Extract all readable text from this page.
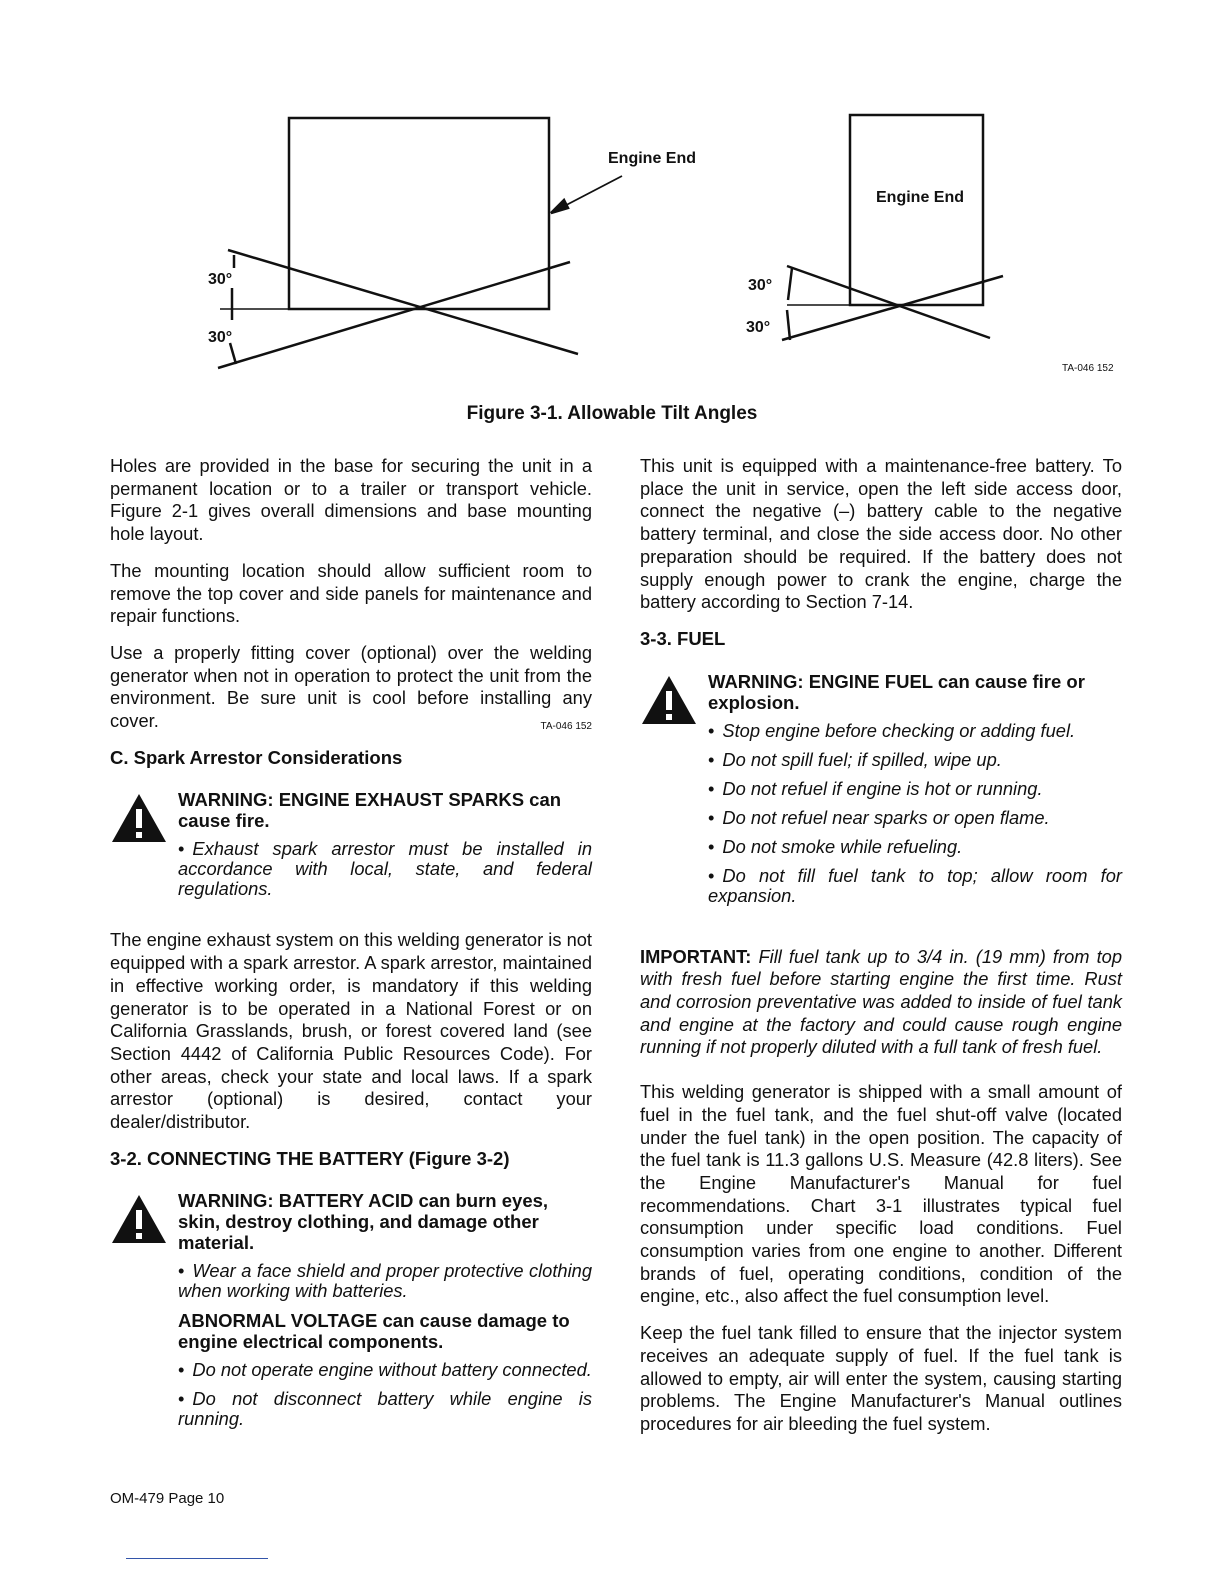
30°
30°
Engine End
Engine End
30°
30°
TA-046 152
Figure 3-1. Allowable Tilt Angles

Holes are provided in the base for securing the unit in a permanent location or to a trailer or transport vehicle. Figure 2-1 gives overall dimensions and base mounting hole layout.

The mounting location should allow sufficient room to remove the top cover and side panels for maintenance and repair functions.

Use a properly fitting cover (optional) over the welding generator when not in operation to protect the unit from the environment. Be sure unit is cool before installing any cover.	TA-046 152

C. Spark Arrestor Considerations
WARNING: ENGINE EXHAUST SPARKS can cause fire.
• Exhaust spark arrestor must be installed in accordance with local, state, and federal regulations.

The engine exhaust system on this welding generator is not equipped with a spark arrestor. A spark arrestor, maintained in effective working order, is mandatory if this welding generator is to be operated in a National Forest or on California Grasslands, brush, or forest covered land (see Section 4442 of California Public Resources Code). For other areas, check your state and local laws. If a spark arrestor (optional) is desired, contact your dealer/distributor.

3-2. CONNECTING THE BATTERY (Figure 3-2)
WARNING: BATTERY ACID can burn eyes, skin, destroy clothing, and damage other material.
• Wear a face shield and proper protective clothing when working with batteries.
ABNORMAL VOLTAGE can cause damage to engine electrical components.
• Do not operate engine without battery connected.
• Do not disconnect battery while engine is running.

This unit is equipped with a maintenance-free battery. To place the unit in service, open the left side access door, connect the negative (–) battery cable to the negative battery terminal, and close the side access door. No other preparation should be required. If the battery does not supply enough power to crank the engine, charge the battery according to Section 7-14.

3-3. FUEL
WARNING: ENGINE FUEL can cause fire or explosion.
• Stop engine before checking or adding fuel.
• Do not spill fuel; if spilled, wipe up.
• Do not refuel if engine is hot or running.
• Do not refuel near sparks or open flame.
• Do not smoke while refueling.
• Do not fill fuel tank to top; allow room for expansion.

IMPORTANT: Fill fuel tank up to 3/4 in. (19 mm) from top with fresh fuel before starting engine the first time. Rust and corrosion preventative was added to inside of fuel tank and engine at the factory and could cause rough engine running if not properly diluted with a full tank of fresh fuel.

This welding generator is shipped with a small amount of fuel in the fuel tank, and the fuel shut-off valve (located under the fuel tank) in the open position. The capacity of the fuel tank is 11.3 gallons U.S. Measure (42.8 liters). See the Engine Manufacturer's Manual for fuel recommendations. Chart 3-1 illustrates typical fuel consumption under specific load conditions. Fuel consumption varies from one engine to another. Different brands of fuel, operating conditions, condition of the engine, etc., also affect the fuel consumption level.

Keep the fuel tank filled to ensure that the injector system receives an adequate supply of fuel. If the fuel tank is allowed to empty, air will enter the system, causing starting problems. The Engine Manufacturer's Manual outlines procedures for air bleeding the fuel system.

OM-479 Page 10
